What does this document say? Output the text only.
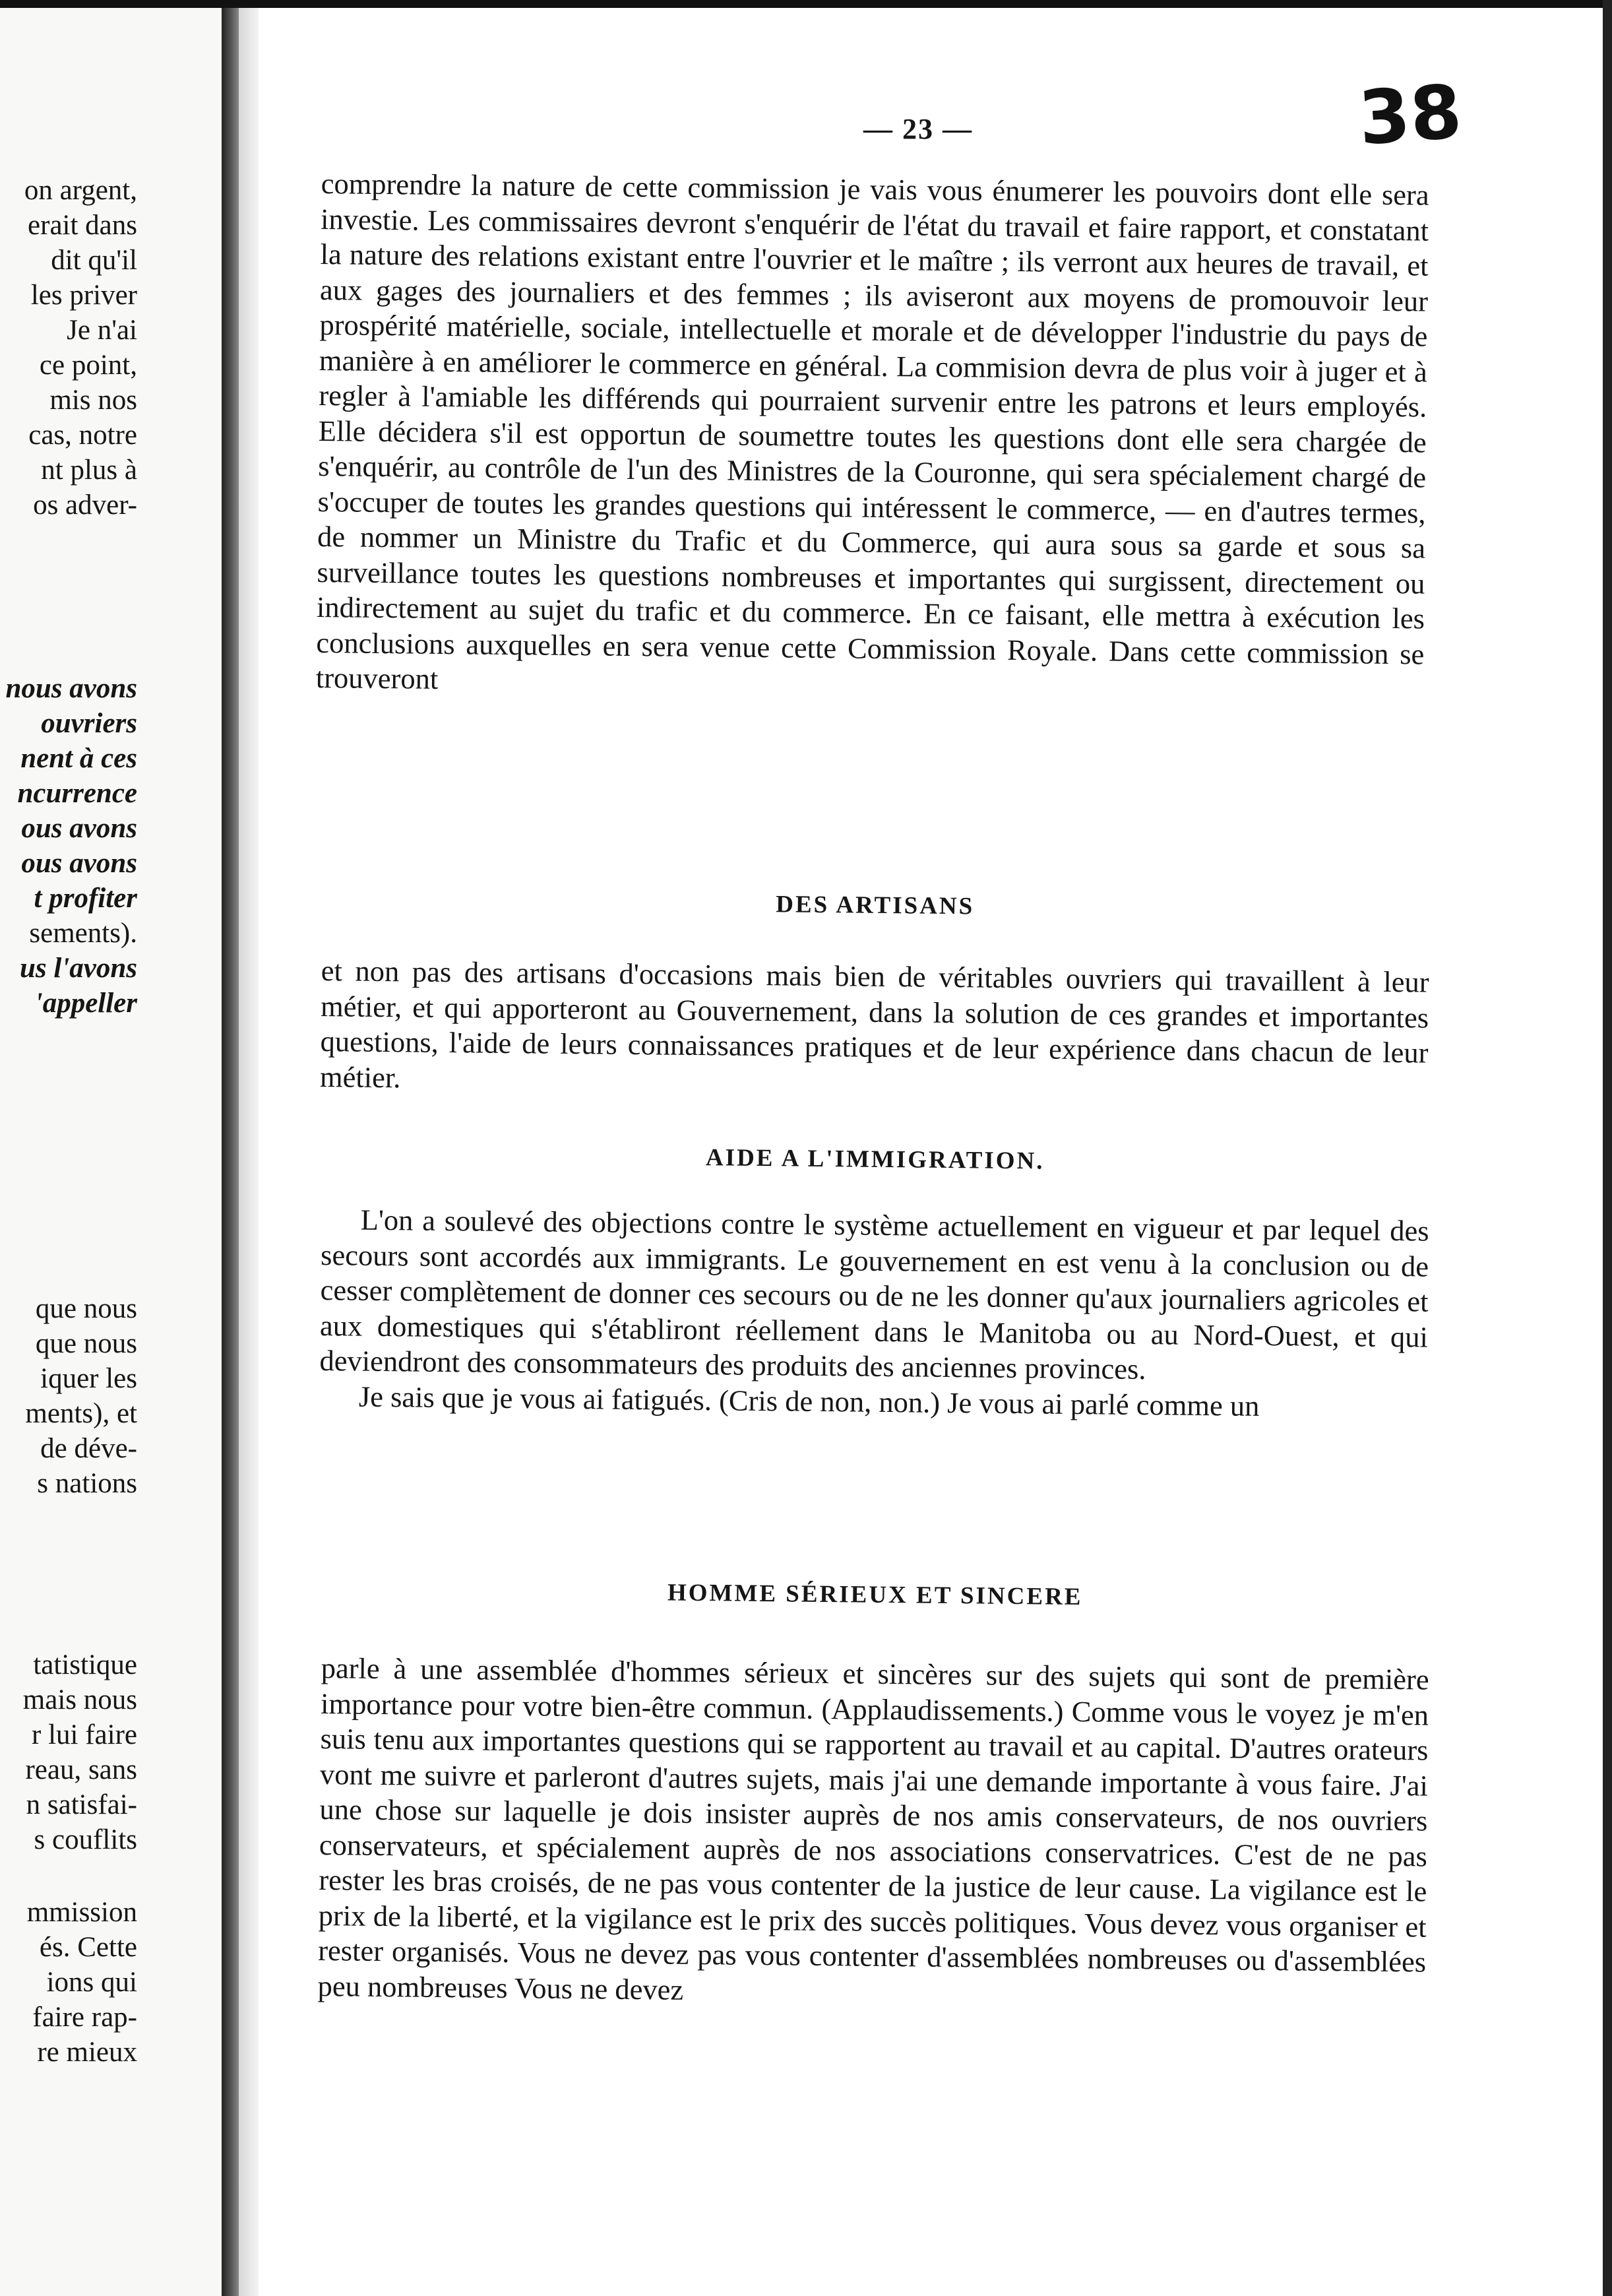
on argent,
erait dans
dit qu'il
les priver
Je n'ai
ce point,
mis nos
cas, notre
nt plus à
os adver-
nous avons
ouvriers
nent à ces
ncurrence
ous avons
ous avons
t profiter
sements).
us l'avons
'appeller
que nous
que nous
iquer les
ments), et
de déve-
s nations
tatistique
mais nous
r lui faire
reau, sans
n satisfai-
s couflits
mmission
és. Cette
ions qui
faire rap-
re mieux
— 23 —	38

comprendre la nature de cette commission je vais vous énumerer les pouvoirs dont elle sera investie. Les commissaires devront s'enquérir de l'état du travail et faire rapport, et constatant la nature des relations existant entre l'ouvrier et le maître ; ils verront aux heures de travail, et aux gages des journaliers et des femmes ; ils aviseront aux moyens de promouvoir leur prospérité matérielle, sociale, intellectuelle et morale et de développer l'industrie du pays de manière à en améliorer le commerce en général. La commision devra de plus voir à juger et à regler à l'amiable les différends qui pourraient survenir entre les patrons et leurs employés. Elle décidera s'il est opportun de soumettre toutes les questions dont elle sera chargée de s'enquérir, au contrôle de l'un des Ministres de la Couronne, qui sera spécialement chargé de s'occuper de toutes les grandes questions qui intéressent le commerce, — en d'autres termes, de nommer un Ministre du Trafic et du Commerce, qui aura sous sa garde et sous sa surveillance toutes les questions nombreuses et importantes qui surgissent, directement ou indirectement au sujet du trafic et du commerce. En ce faisant, elle mettra à exécution les conclusions auxquelles en sera venue cette Commission Royale. Dans cette commission se trouveront

DES ARTISANS

et non pas des artisans d'occasions mais bien de véritables ouvriers qui travaillent à leur métier, et qui apporteront au Gouvernement, dans la solution de ces grandes et importantes questions, l'aide de leurs connaissances pratiques et de leur expérience dans chacun de leur métier.

AIDE A L'IMMIGRATION.

L'on a soulevé des objections contre le système actuellement en vigueur et par lequel des secours sont accordés aux immigrants. Le gouvernement en est venu à la conclusion ou de cesser complètement de donner ces secours ou de ne les donner qu'aux journaliers agricoles et aux domestiques qui s'établiront réellement dans le Manitoba ou au Nord-Ouest, et qui deviendront des consommateurs des produits des anciennes provinces.

Je sais que je vous ai fatigués. (Cris de non, non.) Je vous ai parlé comme un

HOMME SÉRIEUX ET SINCERE

parle à une assemblée d'hommes sérieux et sincères sur des sujets qui sont de première importance pour votre bien-être commun. (Applaudissements.) Comme vous le voyez je m'en suis tenu aux importantes questions qui se rapportent au travail et au capital. D'autres orateurs vont me suivre et parleront d'autres sujets, mais j'ai une demande importante à vous faire. J'ai une chose sur laquelle je dois insister auprès de nos amis conservateurs, de nos ouvriers conservateurs, et spécialement auprès de nos associations conservatrices. C'est de ne pas rester les bras croisés, de ne pas vous contenter de la justice de leur cause. La vigilance est le prix de la liberté, et la vigilance est le prix des succès politiques. Vous devez vous organiser et rester organisés. Vous ne devez pas vous contenter d'assemblées nombreuses ou d'assemblées peu nombreuses Vous ne devez
